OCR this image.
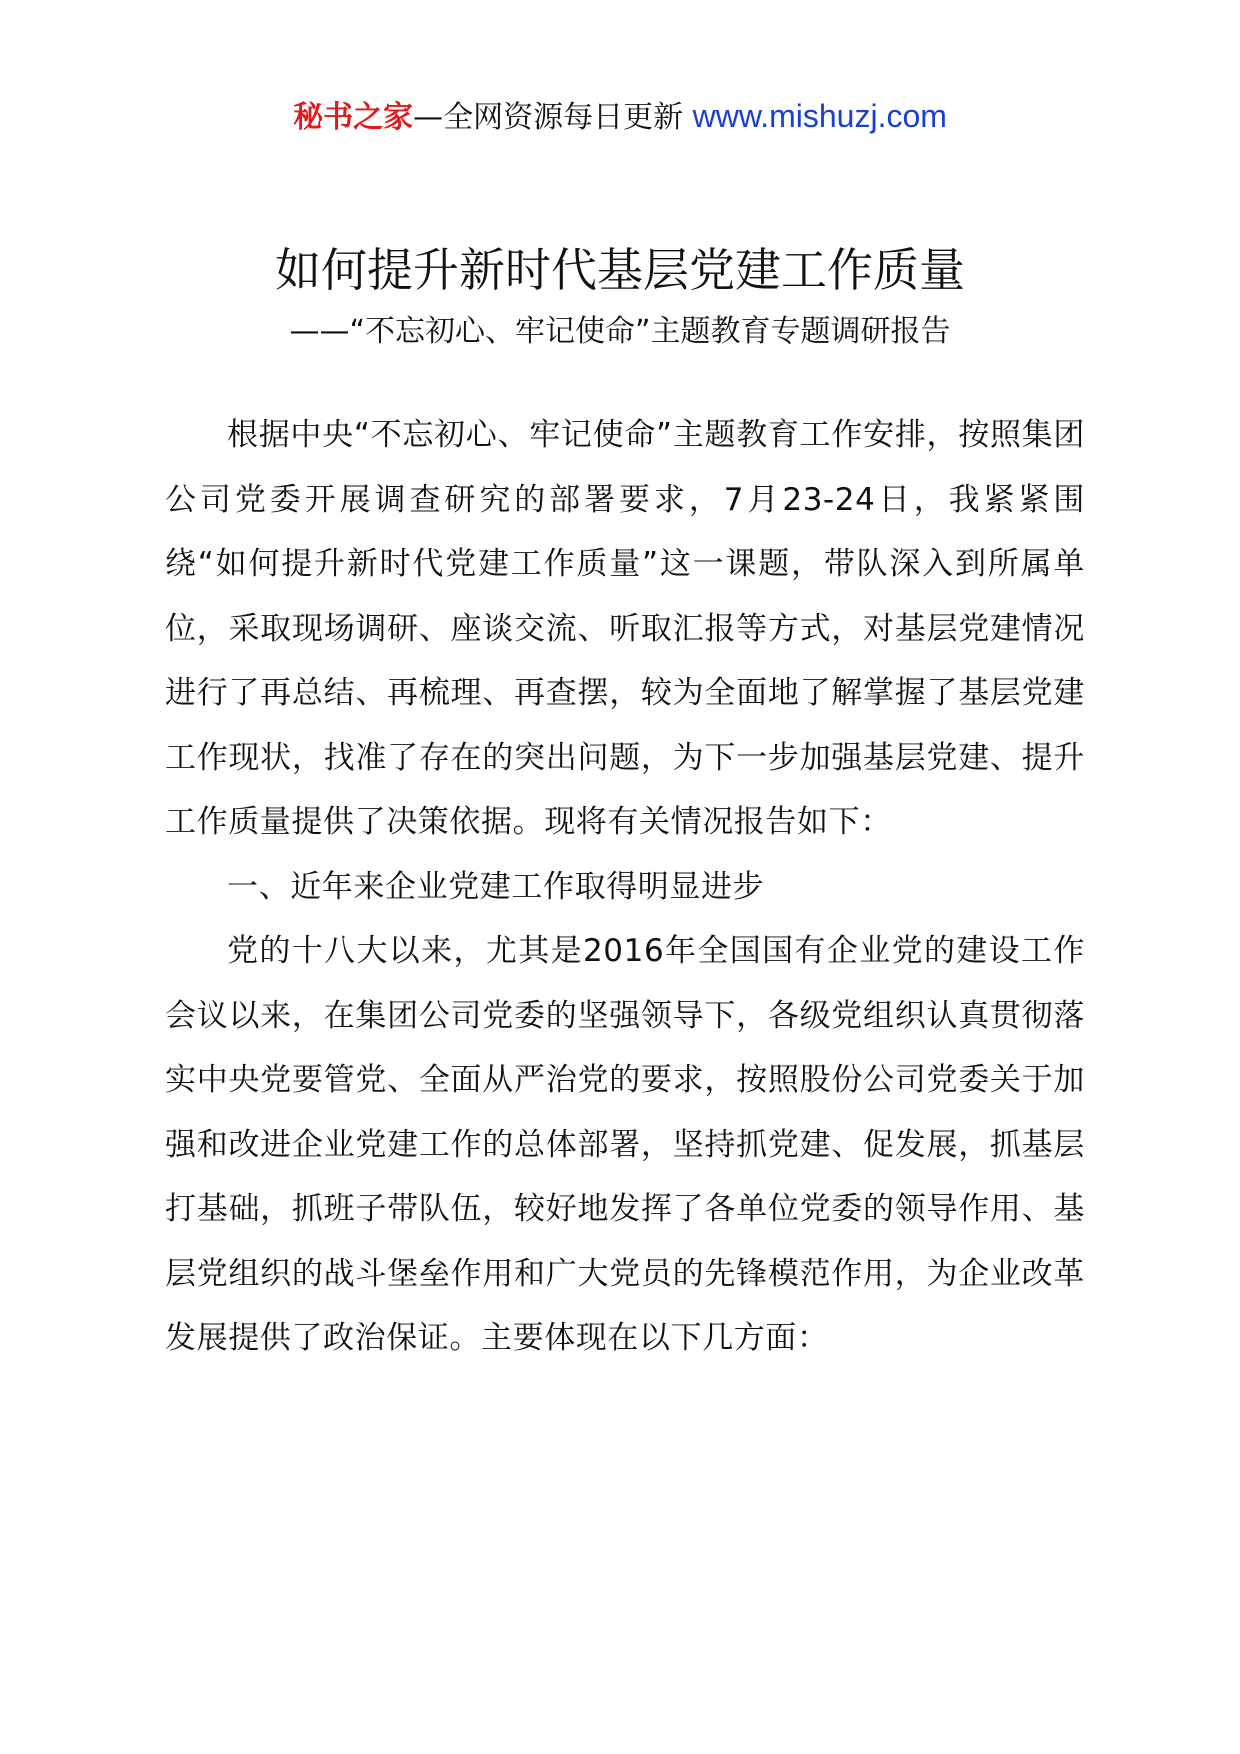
秘书之家—全网资源每日更新 www.mishuzj.com
如何提升新时代基层党建工作质量
——“不忘初心、牢记使命”主题教育专题调研报告

根据中央“不忘初心、牢记使命”主题教育工作安排，按照集团公司党委开展调查研究的部署要求，7月23-24日，我紧紧围绕“如何提升新时代党建工作质量”这一课题，带队深入到所属单位，采取现场调研、座谈交流、听取汇报等方式，对基层党建情况进行了再总结、再梳理、再查摆，较为全面地了解掌握了基层党建工作现状，找准了存在的突出问题，为下一步加强基层党建、提升工作质量提供了决策依据。现将有关情况报告如下：

一、近年来企业党建工作取得明显进步

党的十八大以来，尤其是2016年全国国有企业党的建设工作会议以来，在集团公司党委的坚强领导下，各级党组织认真贯彻落实中央党要管党、全面从严治党的要求，按照股份公司党委关于加强和改进企业党建工作的总体部署，坚持抓党建、促发展，抓基层打基础，抓班子带队伍，较好地发挥了各单位党委的领导作用、基层党组织的战斗堡垒作用和广大党员的先锋模范作用，为企业改革发展提供了政治保证。主要体现在以下几方面：
